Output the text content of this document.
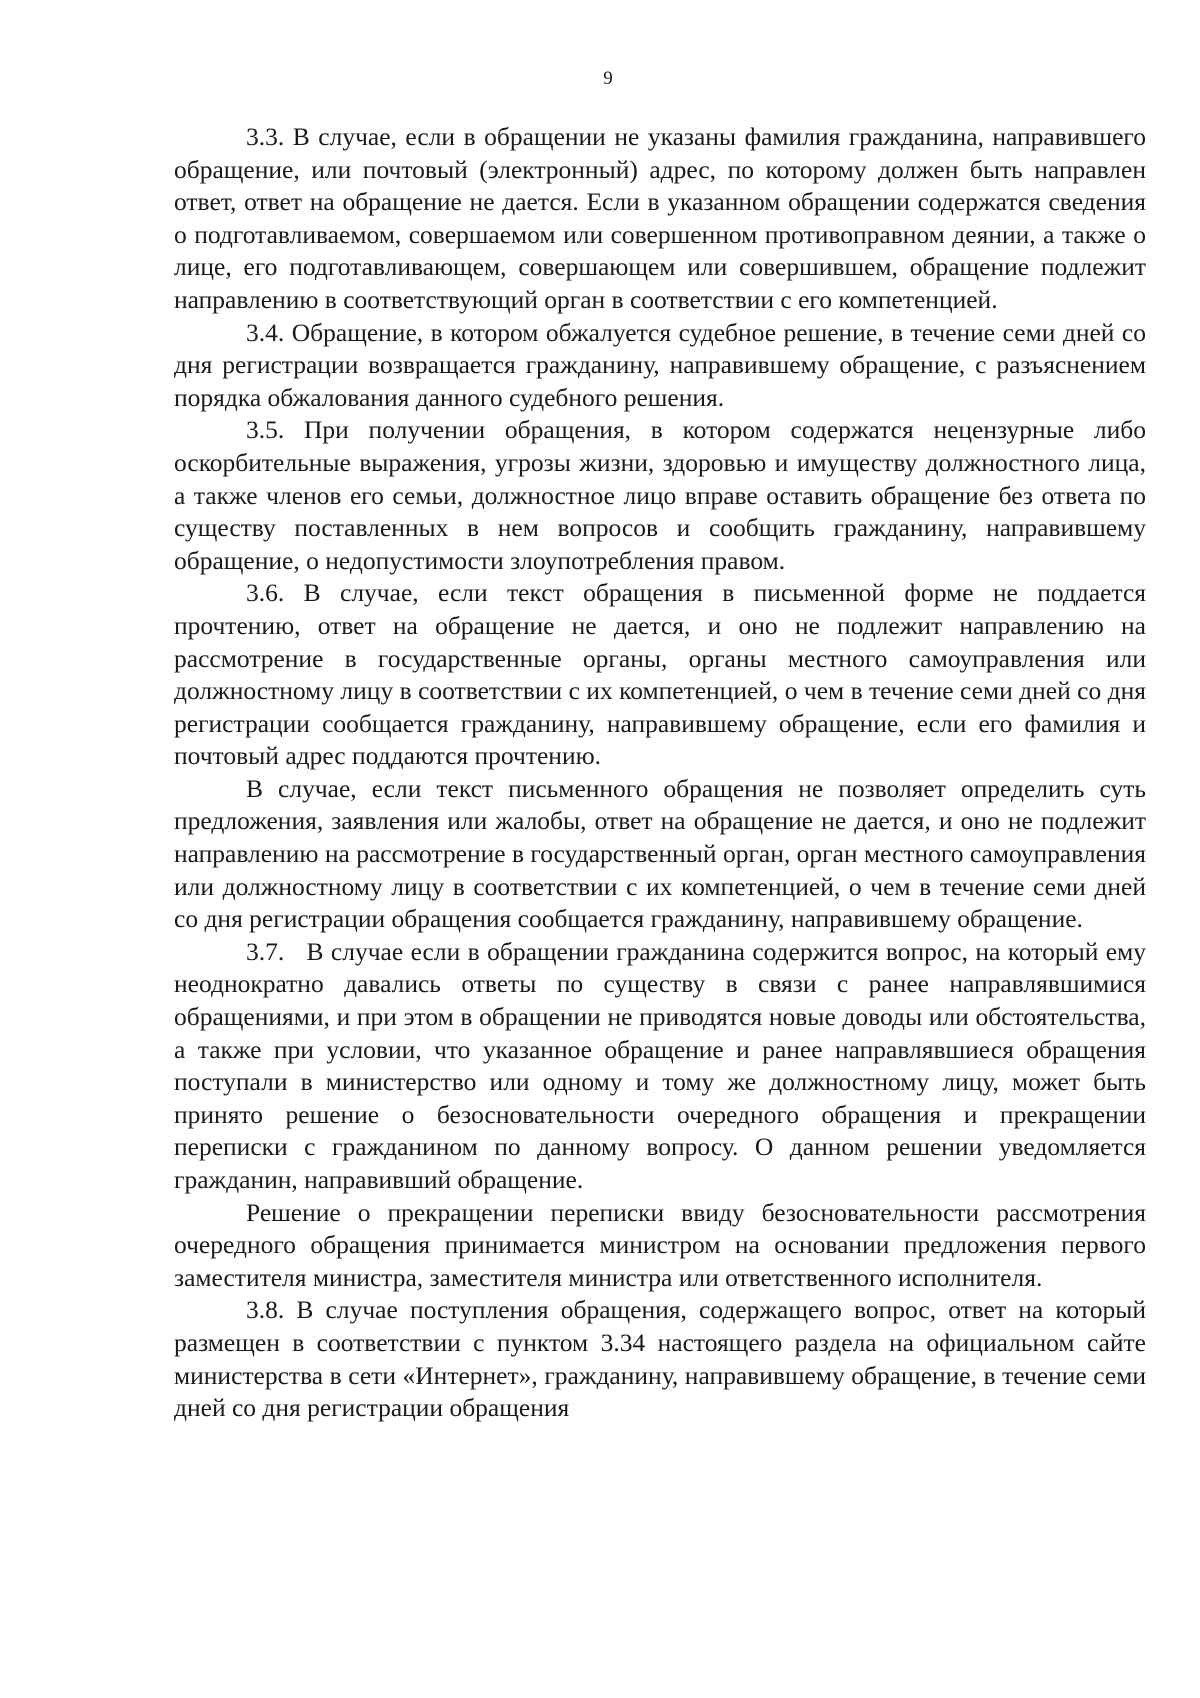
9

3.3. В случае, если в обращении не указаны фамилия гражданина, направившего обращение, или почтовый (электронный) адрес, по которому должен быть направлен ответ, ответ на обращение не дается. Если в указанном обращении содержатся сведения о подготавливаемом, совершаемом или совершенном противоправном деянии, а также о лице, его подготавливающем, совершающем или совершившем, обращение подлежит направлению в соответствующий орган в соответствии с его компетенцией.

3.4. Обращение, в котором обжалуется судебное решение, в течение семи дней со дня регистрации возвращается гражданину, направившему обращение, с разъяснением порядка обжалования данного судебного решения.

3.5. При получении обращения, в котором содержатся нецензурные либо оскорбительные выражения, угрозы жизни, здоровью и имуществу должностного лица, а также членов его семьи, должностное лицо вправе оставить обращение без ответа по существу поставленных в нем вопросов и сообщить гражданину, направившему обращение, о недопустимости злоупотребления правом.

3.6. В случае, если текст обращения в письменной форме не поддается прочтению, ответ на обращение не дается, и оно не подлежит направлению на рассмотрение в государственные органы, органы местного самоуправления или должностному лицу в соответствии с их компетенцией, о чем в течение семи дней со дня регистрации сообщается гражданину, направившему обращение, если его фамилия и почтовый адрес поддаются прочтению.

В случае, если текст письменного обращения не позволяет определить суть предложения, заявления или жалобы, ответ на обращение не дается, и оно не подлежит направлению на рассмотрение в государственный орган, орган местного самоуправления или должностному лицу в соответствии с их компетенцией, о чем в течение семи дней со дня регистрации обращения сообщается гражданину, направившему обращение.

3.7.   В случае если в обращении гражданина содержится вопрос, на который ему неоднократно давались ответы по существу в связи с ранее направлявшимися обращениями, и при этом в обращении не приводятся новые доводы или обстоятельства, а также при условии, что указанное обращение и ранее направлявшиеся обращения поступали в министерство или одному и тому же должностному лицу, может быть принято решение о безосновательности очередного обращения и прекращении переписки с гражданином по данному вопросу. О данном решении уведомляется гражданин, направивший обращение.

Решение о прекращении переписки ввиду безосновательности рассмотрения очередного обращения принимается министром на основании предложения первого заместителя министра, заместителя министра или ответственного исполнителя.

3.8. В случае поступления обращения, содержащего вопрос, ответ на который размещен в соответствии с пунктом 3.34 настоящего раздела на официальном сайте министерства в сети «Интернет», гражданину, направившему обращение, в течение семи дней со дня регистрации обращения
